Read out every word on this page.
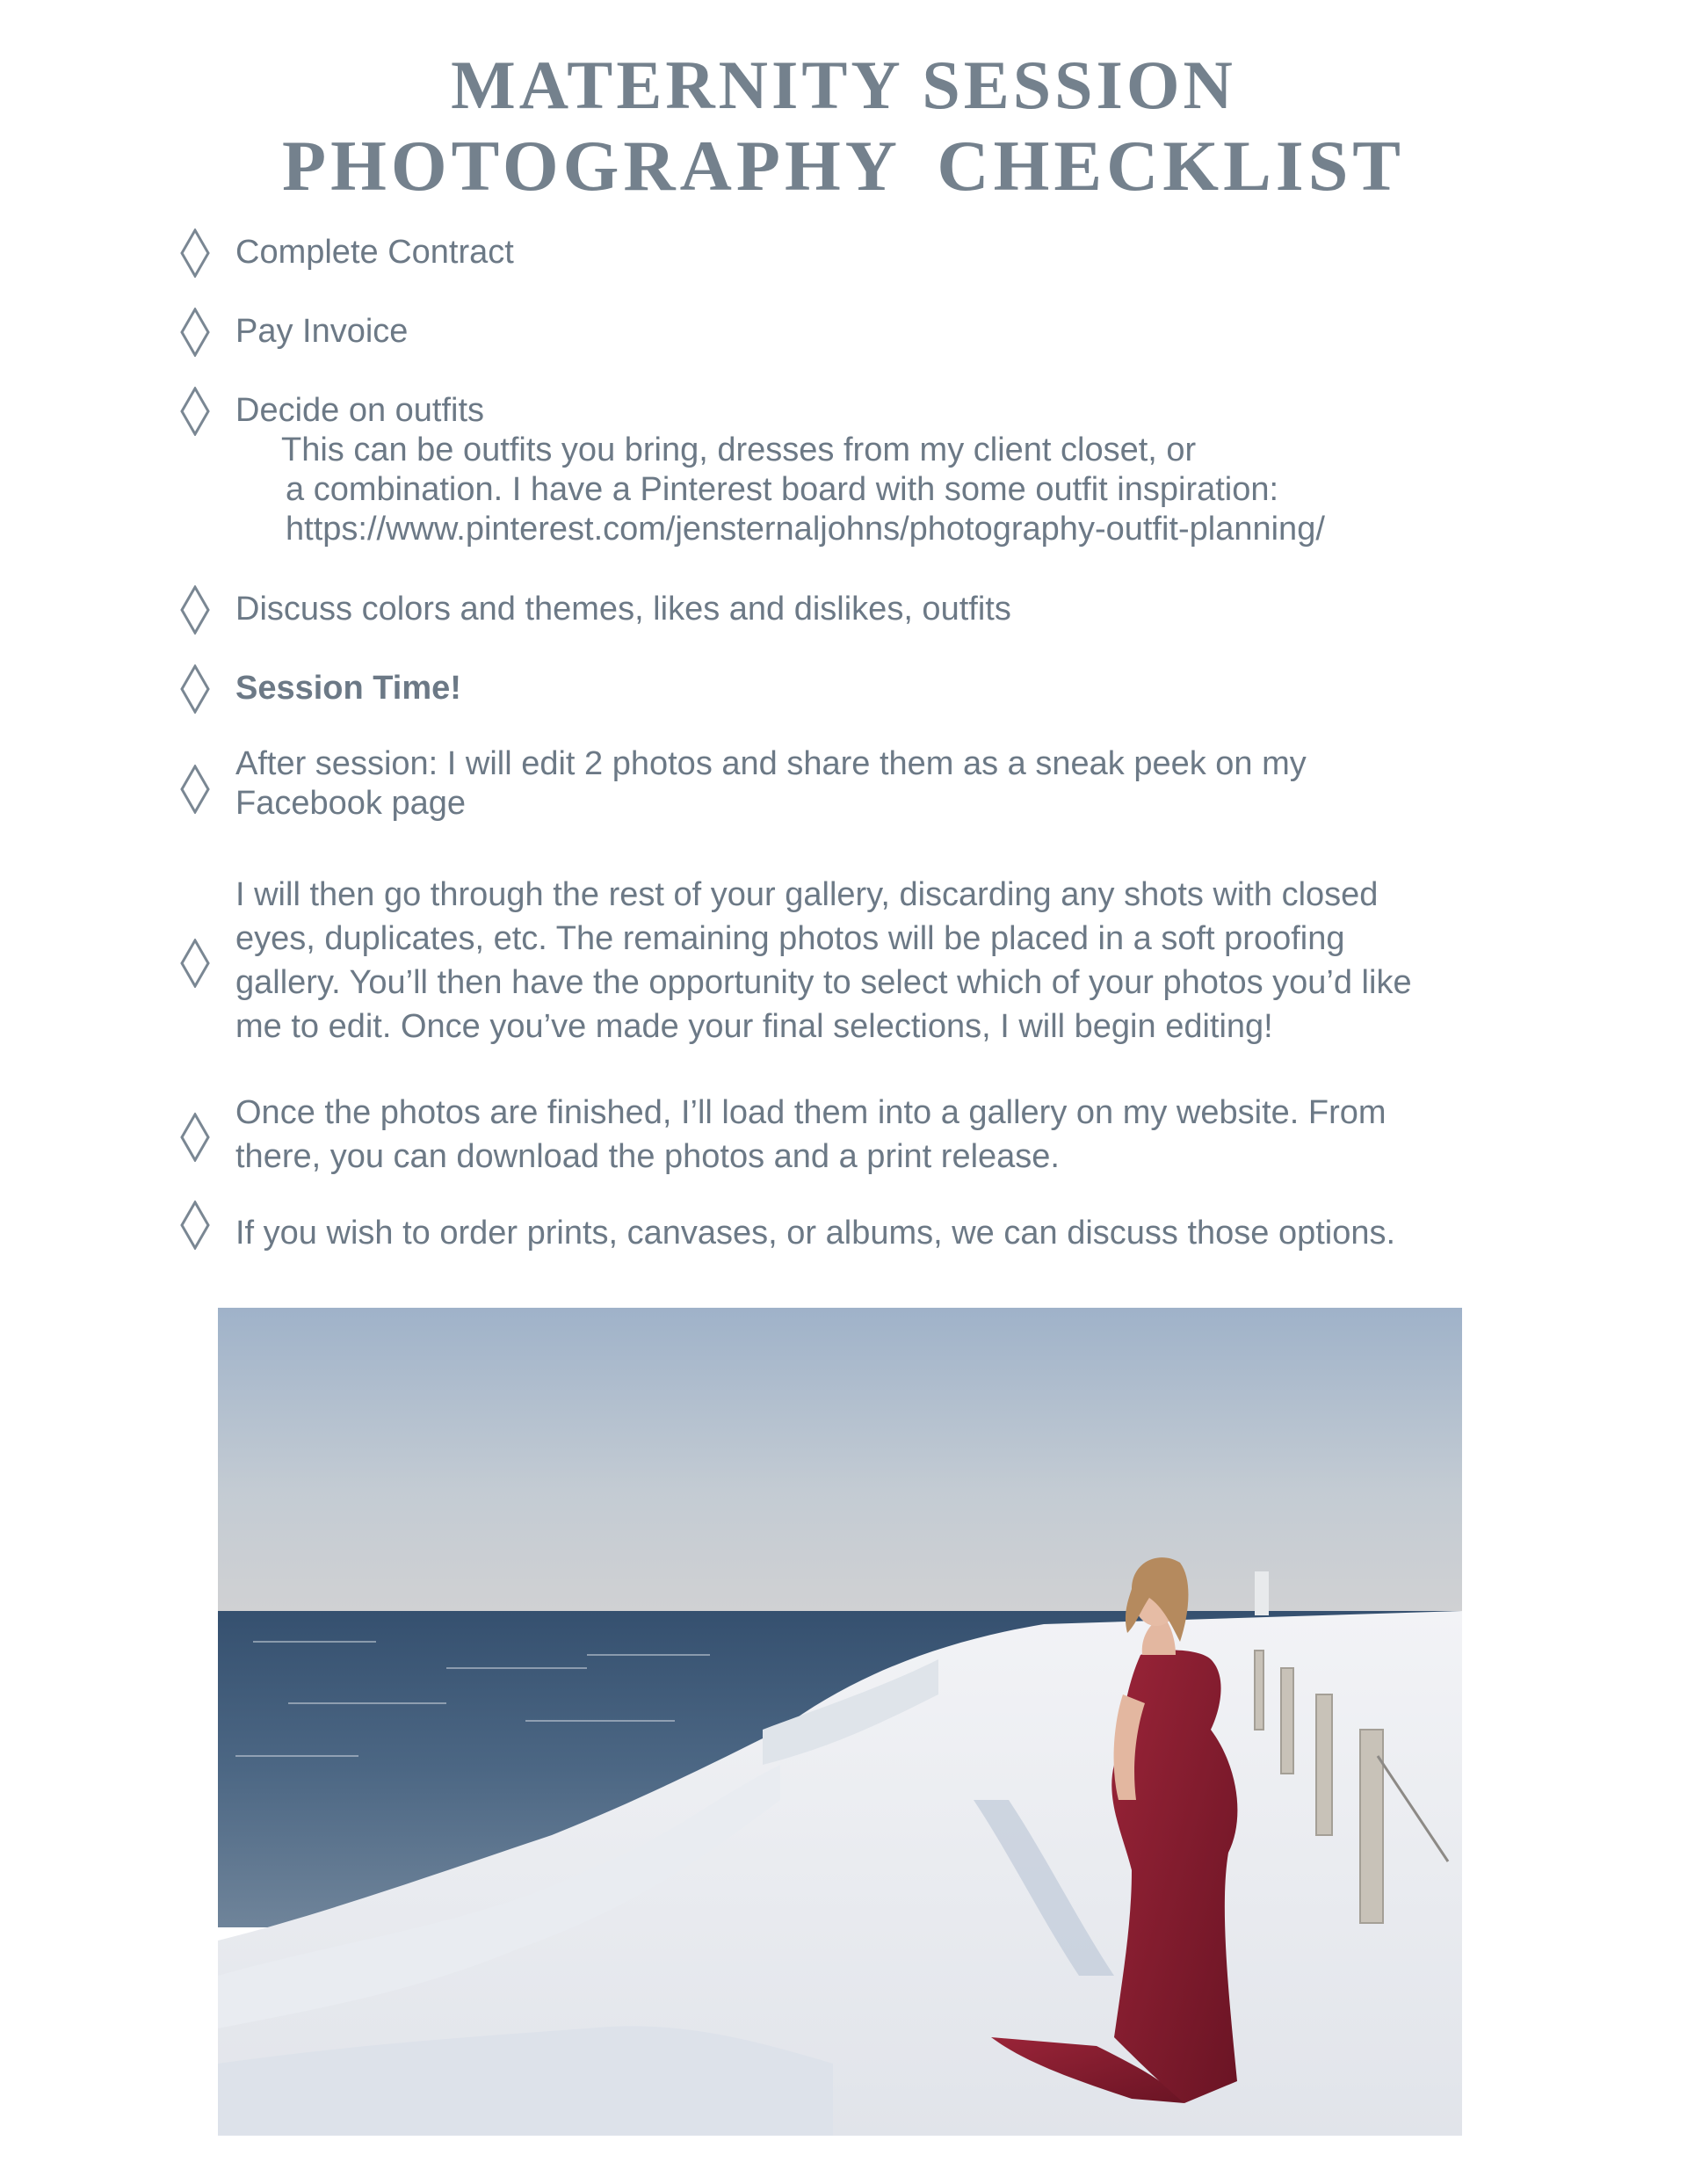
MATERNITY SESSION
PHOTOGRAPHY CHECKLIST
Complete Contract
Pay Invoice
Decide on outfits
This can be outfits you bring, dresses from my client closet, or
a combination. I have a Pinterest board with some outfit inspiration:
https://www.pinterest.com/jensternaljohns/photography-outfit-planning/
Discuss colors and themes, likes and dislikes, outfits
Session Time!
After session: I will edit 2 photos and share them as a sneak peek on my
Facebook page
I will then go through the rest of your gallery, discarding any shots with closed
eyes, duplicates, etc. The remaining photos will be placed in a soft proofing
gallery. You’ll then have the opportunity to select which of your photos you’d like
me to edit. Once you’ve made your final selections, I will begin editing!
Once the photos are finished, I’ll load them into a gallery on my website. From
there, you can download the photos and a print release.
If you wish to order prints, canvases, or albums, we can discuss those options.
